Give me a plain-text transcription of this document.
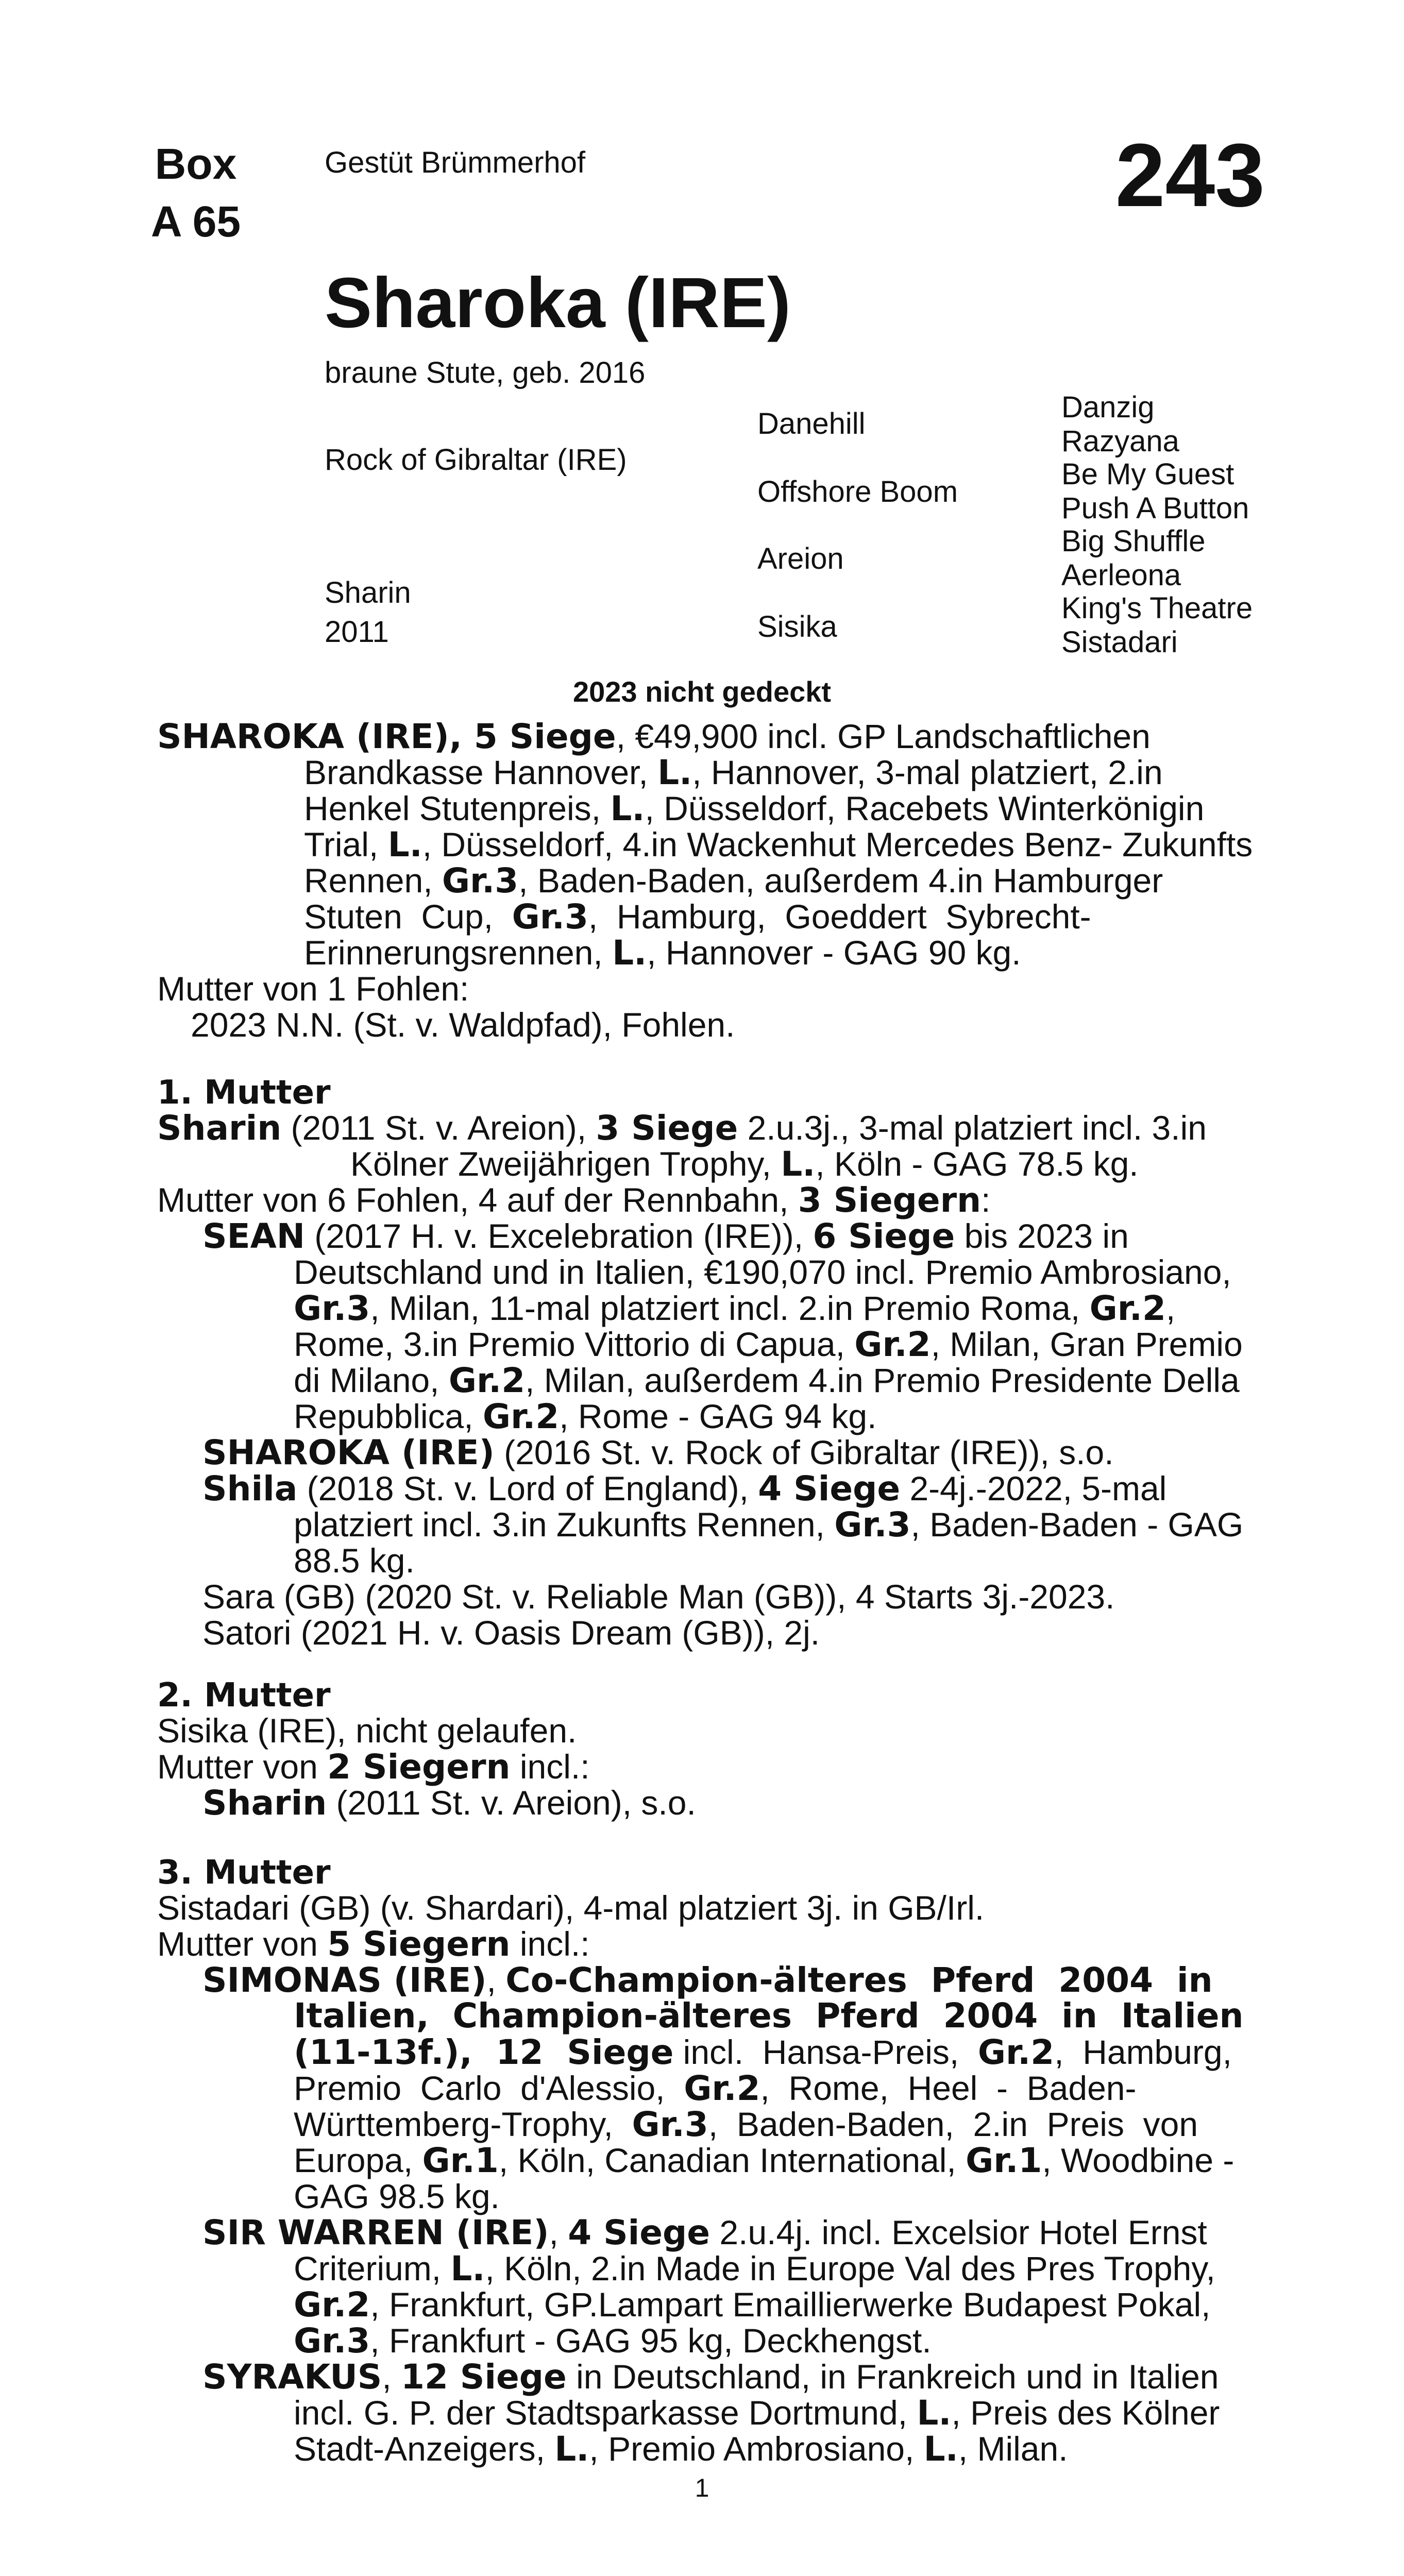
Box
A 65
Gestüt Brümmerhof	243
Sharoka (IRE)
braune Stute, geb. 2016
Rock of Gibraltar (IRE)
Sharin
2011
Danehill
Offshore Boom
Areion
Sisika
Danzig
Razyana
Be My Guest
Push A Button
Big Shuffle
Aerleona
King's Theatre
Sistadari
2023 nicht gedeckt
SHAROKA (IRE), 5 Siege, €49,900 incl. GP Landschaftlichen
Brandkasse Hannover, L., Hannover, 3-mal platziert, 2.in
Henkel Stutenpreis, L., Düsseldorf, Racebets Winterkönigin
Trial, L., Düsseldorf, 4.in Wackenhut Mercedes Benz- Zukunfts
Rennen, Gr.3, Baden-Baden, außerdem 4.in Hamburger
Stuten  Cup,  Gr.3,  Hamburg,  Goeddert  Sybrecht-
Erinnerungsrennen, L., Hannover - GAG 90 kg.
Mutter von 1 Fohlen:
2023 N.N. (St. v. Waldpfad), Fohlen.
1. Mutter
Sharin (2011 St. v. Areion), 3 Siege 2.u.3j., 3-mal platziert incl. 3.in
Kölner Zweijährigen Trophy, L., Köln - GAG 78.5 kg.
Mutter von 6 Fohlen, 4 auf der Rennbahn, 3 Siegern:
SEAN (2017 H. v. Excelebration (IRE)), 6 Siege bis 2023 in
Deutschland und in Italien, €190,070 incl. Premio Ambrosiano,
Gr.3, Milan, 11-mal platziert incl. 2.in Premio Roma, Gr.2,
Rome, 3.in Premio Vittorio di Capua, Gr.2, Milan, Gran Premio
di Milano, Gr.2, Milan, außerdem 4.in Premio Presidente Della
Repubblica, Gr.2, Rome - GAG 94 kg.
SHAROKA (IRE) (2016 St. v. Rock of Gibraltar (IRE)), s.o.
Shila (2018 St. v. Lord of England), 4 Siege 2-4j.-2022, 5-mal
platziert incl. 3.in Zukunfts Rennen, Gr.3, Baden-Baden - GAG
88.5 kg.
Sara (GB) (2020 St. v. Reliable Man (GB)), 4 Starts 3j.-2023.
Satori (2021 H. v. Oasis Dream (GB)), 2j.
2. Mutter
Sisika (IRE), nicht gelaufen.
Mutter von 2 Siegern incl.:
Sharin (2011 St. v. Areion), s.o.
3. Mutter
Sistadari (GB) (v. Shardari), 4-mal platziert 3j. in GB/Irl.
Mutter von 5 Siegern incl.:
SIMONAS (IRE), Co-Champion-älteres  Pferd  2004  in
Italien,  Champion-älteres  Pferd  2004  in  Italien
(11-13f.),  12  Siege incl.  Hansa-Preis,  Gr.2,  Hamburg,
Premio  Carlo  d'Alessio,  Gr.2,  Rome,  Heel  -  Baden-
Württemberg-Trophy,  Gr.3,  Baden-Baden,  2.in  Preis  von
Europa, Gr.1, Köln, Canadian International, Gr.1, Woodbine -
GAG 98.5 kg.
SIR WARREN (IRE), 4 Siege 2.u.4j. incl. Excelsior Hotel Ernst
Criterium, L., Köln, 2.in Made in Europe Val des Pres Trophy,
Gr.2, Frankfurt, GP.Lampart Emaillierwerke Budapest Pokal,
Gr.3, Frankfurt - GAG 95 kg, Deckhengst.
SYRAKUS, 12 Siege in Deutschland, in Frankreich und in Italien
incl. G. P. der Stadtsparkasse Dortmund, L., Preis des Kölner
Stadt-Anzeigers, L., Premio Ambrosiano, L., Milan.
1
